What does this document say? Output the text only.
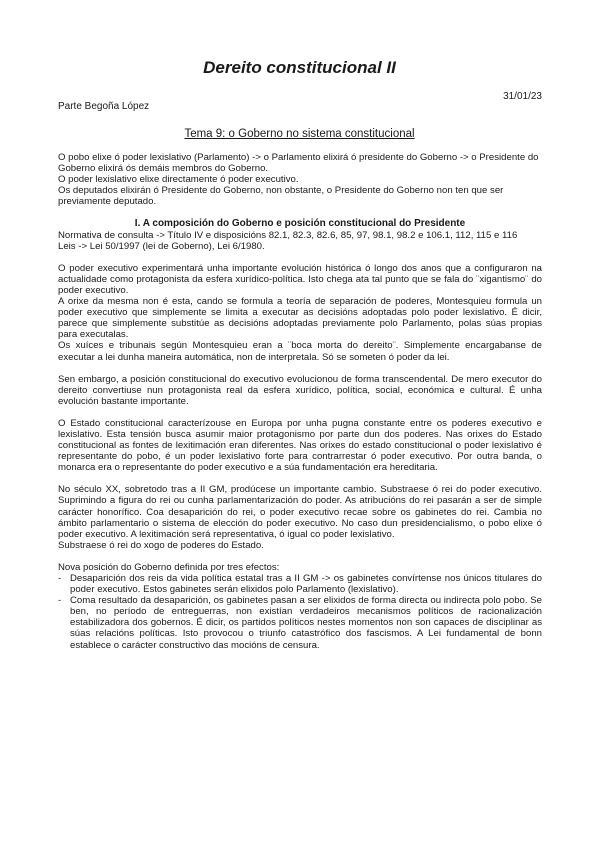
Dereito constitucional II
31/01/23
Parte Begoña López
Tema 9: o Goberno no sistema constitucional

O pobo elixe ó poder lexislativo (Parlamento) -> o Parlamento elixirá ó presidente do Goberno -> o Presidente do Goberno elixirá ós demáis membros do Goberno.

O poder lexislativo elixe directamente ó poder executivo.

Os deputados elixirán ó Presidente do Goberno, non obstante, o Presidente do Goberno non ten que ser previamente deputado.

I. A composición do Goberno e posición constitucional do Presidente

Normativa de consulta -> Título IV e disposicións 82.1, 82.3, 82.6, 85, 97, 98.1, 98.2 e 106.1, 112, 115 e 116

Leis -> Lei 50/1997 (lei de Goberno), Lei 6/1980.

O poder executivo experimentará unha importante evolución histórica ó longo dos anos que a configuraron na actualidade como protagonista da esfera xurídico-política. Isto chega ata tal punto que se fala do ¨xigantismo¨ do poder executivo.

A orixe da mesma non é esta, cando se formula a teoría de separación de poderes, Montesquieu formula un poder executivo que simplemente se limita a executar as decisións adoptadas polo poder lexislativo. É dicir, parece que simplemente substitúe as decisións adoptadas previamente polo Parlamento, polas súas propias para executalas.

Os xuíces e tribunais según Montesquieu eran a ¨boca morta do dereito¨. Simplemente encargabanse de executar a lei dunha maneira automática, non de interpretala. Só se someten ó poder da lei.

Sen embargo, a posición constitucional do executivo evolucionou de forma transcendental. De mero executor do dereito convertiuse nun protagonista real da esfera xurídico, política, social, económica e cultural. É unha evolución bastante importante.

O Estado constitucional caracterízouse en Europa por unha pugna constante entre os poderes executivo e lexislativo. Esta tensión busca asumir maior protagonismo por parte dun dos poderes. Nas orixes do Estado constitucional as fontes de lexitimación eran diferentes. Nas orixes do estado constitucional o poder lexislativo é representante do pobo, é un poder lexislativo forte para contrarrestar ó poder executivo. Por outra banda, o monarca era o representante do poder executivo e a súa fundamentación era hereditaria.

No século XX, sobretodo tras a II GM, prodúcese un importante cambio. Substraese ó rei do poder executivo. Suprimindo a figura do rei ou cunha parlamentarización do poder. As atribucións do rei pasarán a ser de simple carácter honorífico. Coa desaparición do rei, o poder executivo recae sobre os gabinetes do rei. Cambia no ámbito parlamentario o sistema de elección do poder executivo. No caso dun presidencialismo, o pobo elixe ó poder executivo. A lexitimación será representativa, ó igual co poder lexislativo.

Substraese ó rei do xogo de poderes do Estado.

Nova posición do Goberno definida por tres efectos:

- Desaparición dos reis da vida política estatal tras a II GM -> os gabinetes convírtense nos únicos titulares do poder executivo. Estos gabinetes serán elixidos polo Parlamento (lexislativo).
- Coma resultado da desaparición, os gabinetes pasan a ser elixidos de forma directa ou indirecta polo pobo. Se ben, no período de entreguerras, non existían verdadeiros mecanismos políticos de racionalización estabilizadora dos gobernos. É dicir, os partidos políticos nestes momentos non son capaces de disciplinar as súas relacións políticas. Isto provocou o triunfo catastrófico dos fascismos. A Lei fundamental de bonn establece o carácter constructivo das mocións de censura.
